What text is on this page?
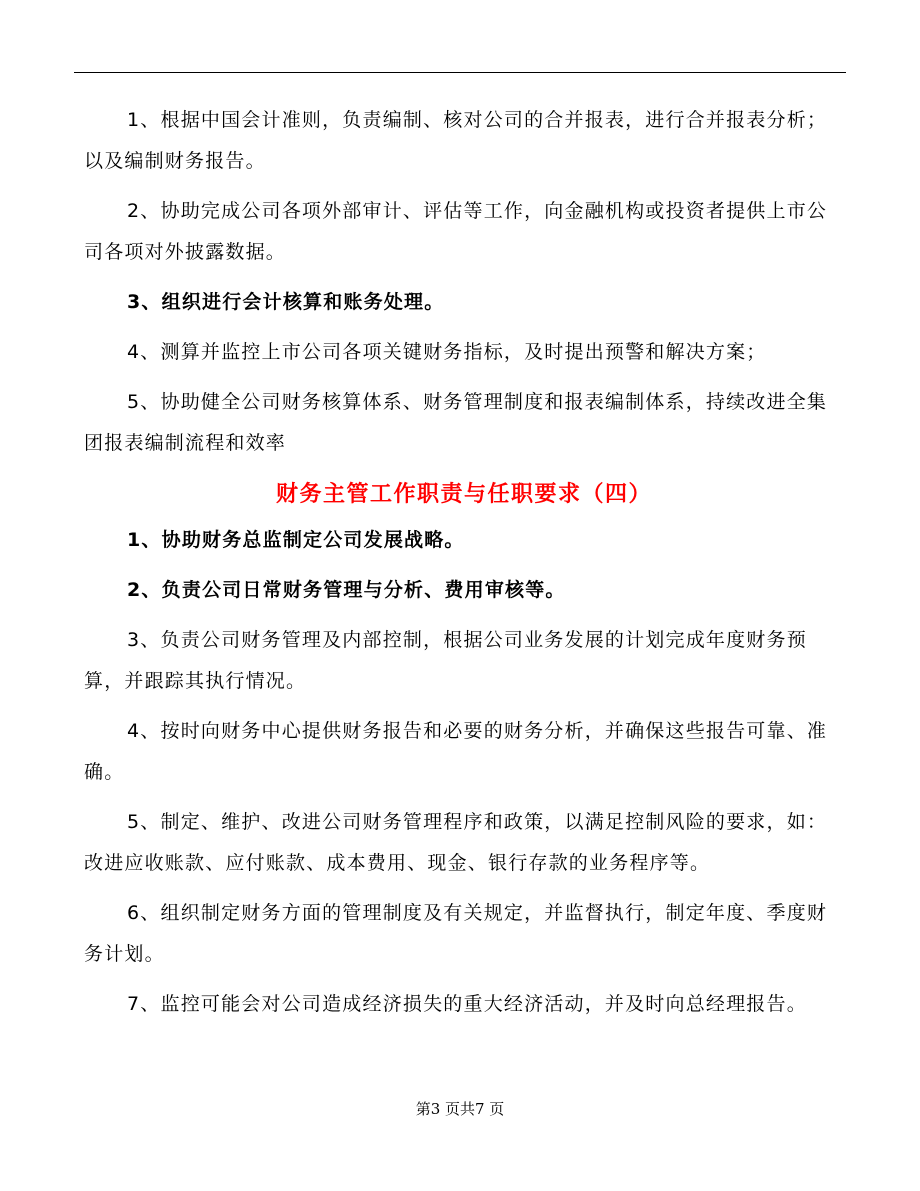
1、根据中国会计准则，负责编制、核对公司的合并报表，进行合并报表分析；以及编制财务报告。

2、协助完成公司各项外部审计、评估等工作，向金融机构或投资者提供上市公司各项对外披露数据。

3、组织进行会计核算和账务处理。

4、测算并监控上市公司各项关键财务指标，及时提出预警和解决方案；

5、协助健全公司财务核算体系、财务管理制度和报表编制体系，持续改进全集团报表编制流程和效率

财务主管工作职责与任职要求（四）

1、协助财务总监制定公司发展战略。

2、负责公司日常财务管理与分析、费用审核等。

3、负责公司财务管理及内部控制，根据公司业务发展的计划完成年度财务预算，并跟踪其执行情况。

4、按时向财务中心提供财务报告和必要的财务分析，并确保这些报告可靠、准确。

5、制定、维护、改进公司财务管理程序和政策，以满足控制风险的要求，如：改进应收账款、应付账款、成本费用、现金、银行存款的业务程序等。

6、组织制定财务方面的管理制度及有关规定，并监督执行，制定年度、季度财务计划。

7、监控可能会对公司造成经济损失的重大经济活动，并及时向总经理报告。

第3 页共7 页
